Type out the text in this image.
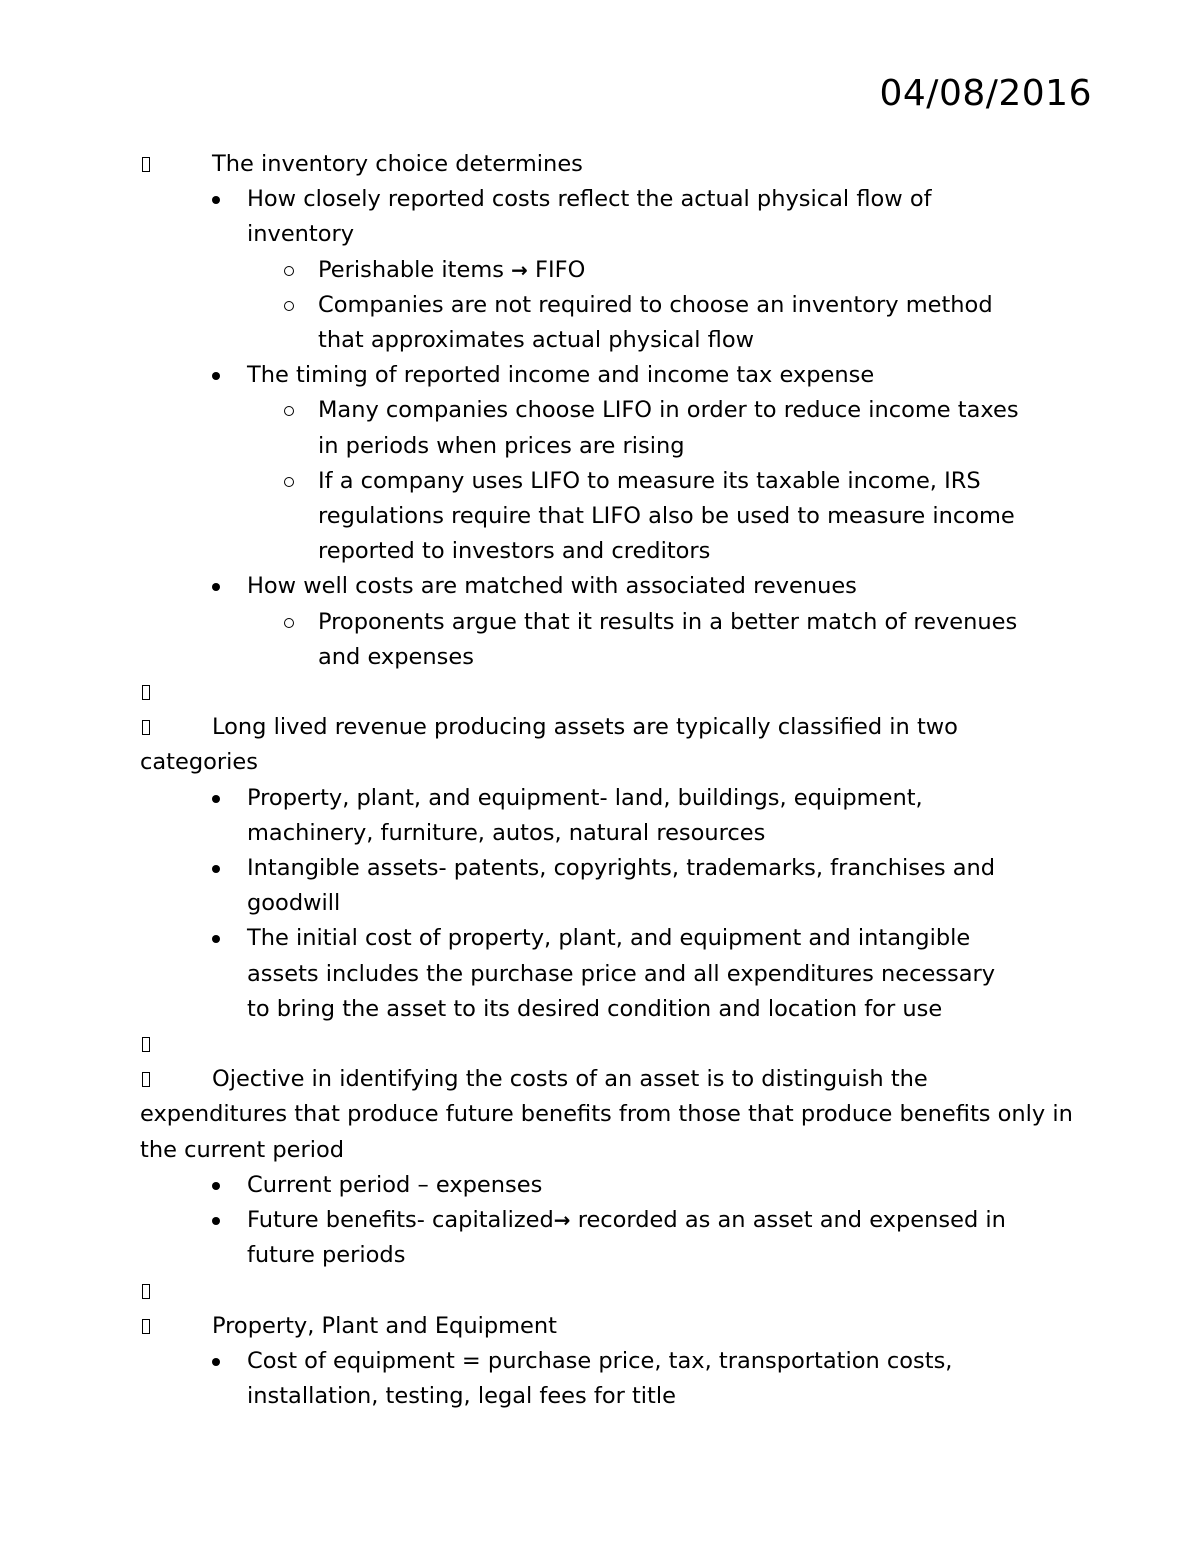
04/08/2016
The inventory choice determines
How closely reported costs reflect the actual physical flow of
inventory
Perishable items → FIFO
Companies are not required to choose an inventory method
that approximates actual physical flow
The timing of reported income and income tax expense
Many companies choose LIFO in order to reduce income taxes
in periods when prices are rising
If a company uses LIFO to measure its taxable income, IRS
regulations require that LIFO also be used to measure income
reported to investors and creditors
How well costs are matched with associated revenues
Proponents argue that it results in a better match of revenues
and expenses

Long lived revenue producing assets are typically classified in two categories
Property, plant, and equipment- land, buildings, equipment,
machinery, furniture, autos, natural resources
Intangible assets- patents, copyrights, trademarks, franchises and
goodwill
The initial cost of property, plant, and equipment and intangible
assets includes the purchase price and all expenditures necessary
to bring the asset to its desired condition and location for use

Ojective in identifying the costs of an asset is to distinguish the expenditures that produce future benefits from those that produce benefits only in the current period
Current period – expenses
Future benefits- capitalized→ recorded as an asset and expensed in
future periods

Property, Plant and Equipment
Cost of equipment = purchase price, tax, transportation costs,
installation, testing, legal fees for title
